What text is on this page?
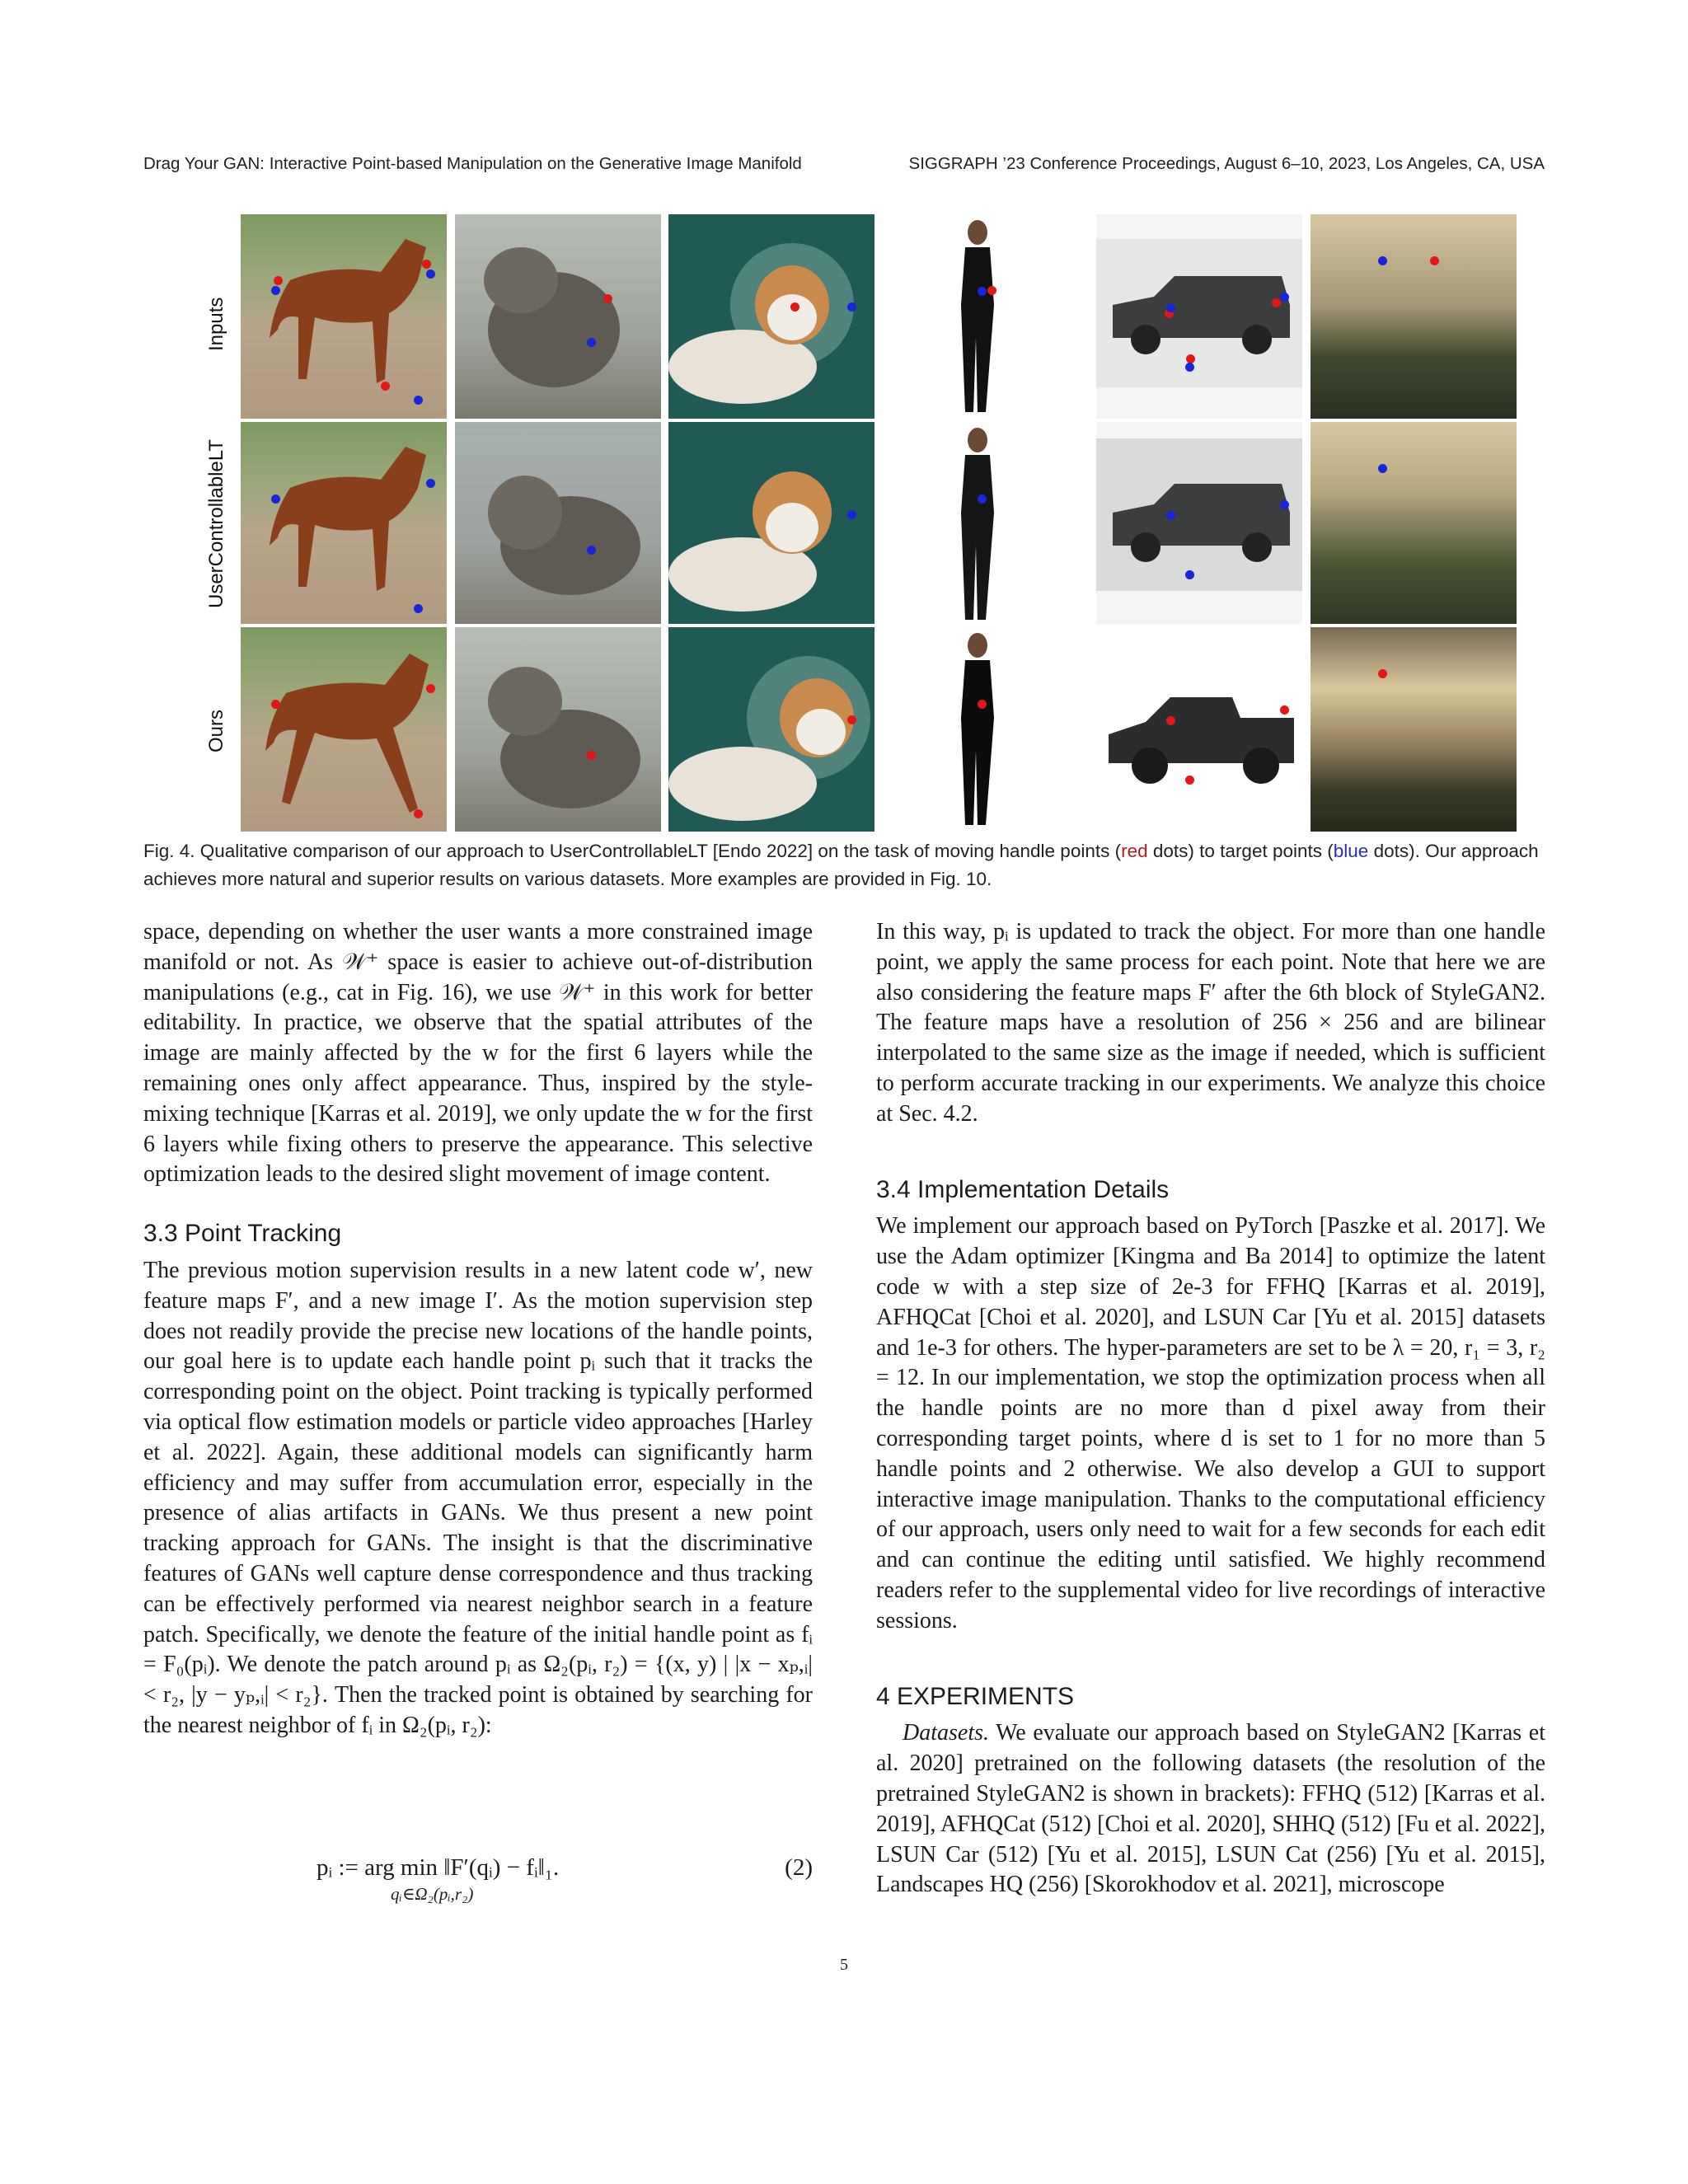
Drag Your GAN: Interactive Point-based Manipulation on the Generative Image Manifold	SIGGRAPH ’23 Conference Proceedings, August 6–10, 2023, Los Angeles, CA, USA
Inputs
UserControllableLT
Ours
Fig. 4. Qualitative comparison of our approach to UserControllableLT [Endo 2022] on the task of moving handle points (red dots) to target points (blue dots). Our approach achieves more natural and superior results on various datasets. More examples are provided in Fig. 10.

space, depending on whether the user wants a more constrained image manifold or not. As 𝒲⁺ space is easier to achieve out-of-distribution manipulations (e.g., cat in Fig. 16), we use 𝒲⁺ in this work for better editability. In practice, we observe that the spatial attributes of the image are mainly affected by the w for the first 6 layers while the remaining ones only affect appearance. Thus, inspired by the style-mixing technique [Karras et al. 2019], we only update the w for the first 6 layers while fixing others to preserve the appearance. This selective optimization leads to the desired slight movement of image content.

3.3 Point Tracking

The previous motion supervision results in a new latent code w′, new feature maps F′, and a new image I′. As the motion supervision step does not readily provide the precise new locations of the handle points, our goal here is to update each handle point pᵢ such that it tracks the corresponding point on the object. Point tracking is typically performed via optical flow estimation models or particle video approaches [Harley et al. 2022]. Again, these additional models can significantly harm efficiency and may suffer from accumulation error, especially in the presence of alias artifacts in GANs. We thus present a new point tracking approach for GANs. The insight is that the discriminative features of GANs well capture dense correspondence and thus tracking can be effectively performed via nearest neighbor search in a feature patch. Specifically, we denote the feature of the initial handle point as fᵢ = F₀(pᵢ). We denote the patch around pᵢ as Ω₂(pᵢ, r₂) = {(x, y) | |x − xₚ,ᵢ| < r₂, |y − yₚ,ᵢ| < r₂}. Then the tracked point is obtained by searching for the nearest neighbor of fᵢ in Ω₂(pᵢ, r₂):

pᵢ := arg min ‖F′(qᵢ) − fᵢ‖₁.
qᵢ∈Ω₂(pᵢ,r₂)
(2)

In this way, pᵢ is updated to track the object. For more than one handle point, we apply the same process for each point. Note that here we are also considering the feature maps F′ after the 6th block of StyleGAN2. The feature maps have a resolution of 256 × 256 and are bilinear interpolated to the same size as the image if needed, which is sufficient to perform accurate tracking in our experiments. We analyze this choice at Sec. 4.2.

3.4 Implementation Details

We implement our approach based on PyTorch [Paszke et al. 2017]. We use the Adam optimizer [Kingma and Ba 2014] to optimize the latent code w with a step size of 2e-3 for FFHQ [Karras et al. 2019], AFHQCat [Choi et al. 2020], and LSUN Car [Yu et al. 2015] datasets and 1e-3 for others. The hyper-parameters are set to be λ = 20, r₁ = 3, r₂ = 12. In our implementation, we stop the optimization process when all the handle points are no more than d pixel away from their corresponding target points, where d is set to 1 for no more than 5 handle points and 2 otherwise. We also develop a GUI to support interactive image manipulation. Thanks to the computational efficiency of our approach, users only need to wait for a few seconds for each edit and can continue the editing until satisfied. We highly recommend readers refer to the supplemental video for live recordings of interactive sessions.

4 EXPERIMENTS

Datasets. We evaluate our approach based on StyleGAN2 [Karras et al. 2020] pretrained on the following datasets (the resolution of the pretrained StyleGAN2 is shown in brackets): FFHQ (512) [Karras et al. 2019], AFHQCat (512) [Choi et al. 2020], SHHQ (512) [Fu et al. 2022], LSUN Car (512) [Yu et al. 2015], LSUN Cat (256) [Yu et al. 2015], Landscapes HQ (256) [Skorokhodov et al. 2021], microscope

5
